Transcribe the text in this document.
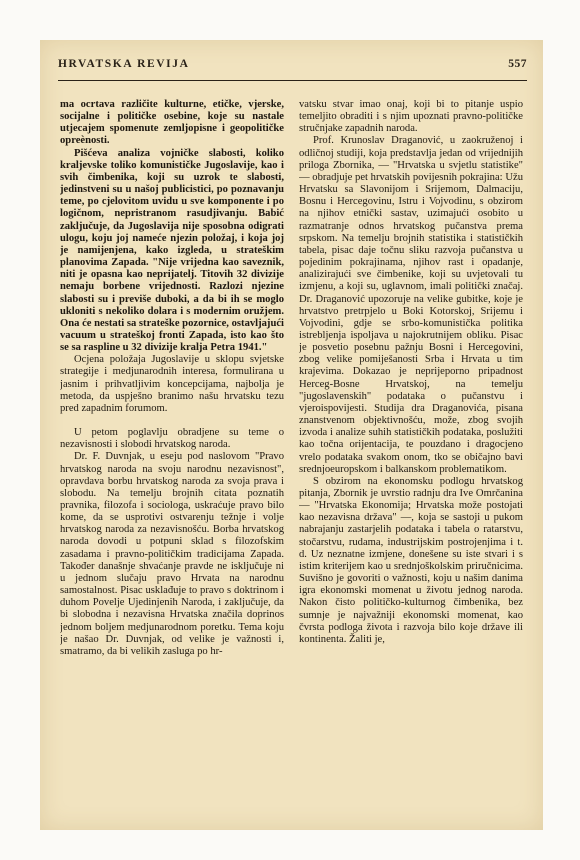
HRVATSKA REVIJA	557

ma ocrtava različite kulturne, etičke, vjerske, socijalne i političke osebine, koje su nastale utjecajem spomenute zemljopisne i geopolitičke opreènosti.

Pišćeva analiza vojničke slabosti, koliko kraljevske toliko komunističke Jugoslavije, kao i svih čimbenika, koji su uzrok te slabosti, jedinstveni su u našoj publicistici, po poznavanju teme, po cjelovitom uvidu u sve komponente i po logičnom, nepristranom rasudjivanju. Babić zaključuje, da Jugoslavija nije sposobna odigrati ulogu, koju joj nameće njezin položaj, i koja joj je namijenjena, kako izgleda, u strateškim planovima Zapada. "Nije vrijedna kao saveznik, niti je opasna kao neprijatelj. Titovih 32 divizije nemaju borbene vrijednosti. Razlozi njezine slabosti su i previše duboki, a da bi ih se moglo ukloniti s nekoliko dolara i s modernim oružjem. Ona će nestati sa strateške pozornice, ostavljajući vacuum u strateškoj fronti Zapada, isto kao što se sa raspline u 32 divizije kralja Petra 1941."

Ocjena položaja Jugoslavije u sklopu svjetske strategije i medjunarodnih interesa, formulirana u jasnim i prihvatljivim koncepcijama, najbolja je metoda, da uspješno branimo našu hrvatsku tezu pred zapadnim forumom.

U petom poglavlju obradjene su teme o nezavisnosti i slobodi hrvatskog naroda.

Dr. F. Duvnjak, u eseju pod naslovom "Pravo hrvatskog naroda na svoju narodnu nezavisnost", opravdava borbu hrvatskog naroda za svoja prava i slobodu. Na temelju brojnih citata poznatih pravnika, filozofa i sociologa, uskraćuje pravo bilo kome, da se usprotivi ostvarenju težnje i volje hrvatskog naroda za nezavisnošću. Borba hrvatskog naroda dovodi u potpuni sklad s filozofskim zasadama i pravno-političkim tradicijama Zapada. Također današnje shvaćanje pravde ne isključuje ni u jednom slučaju pravo Hrvata na narodnu samostalnost. Pisac usklađuje to pravo s doktrinom i duhom Povelje Ujedinjenih Naroda, i zaključuje, da bi slobodna i nezavisna Hrvatska značila doprinos jednom boljem medjunarodnom poretku. Tema koju je našao Dr. Duvnjak, od velike je važnosti i, smatramo, da bi velikih zasluga po hr-

vatsku stvar imao onaj, koji bi to pitanje uspio temeljito obraditi i s njim upoznati pravno-političke stručnjake zapadnih naroda.

Prof. Krunoslav Draganović, u zaokruženoj i odličnoj studiji, koja predstavlja jedan od vrijednijih priloga Zbornika, — "Hrvatska u svjetlu statistike" — obradjuje pet hrvatskih povijesnih pokrajina: Užu Hrvatsku sa Slavonijom i Srijemom, Dalmaciju, Bosnu i Hercegovinu, Istru i Vojvodinu, s obzirom na njihov etnički sastav, uzimajući osobito u razmatranje odnos hrvatskog pučanstva prema srpskom. Na temelju brojnih statistika i statističkih tabela, pisac daje točnu sliku razvoja pučanstva u pojedinim pokrajinama, njihov rast i opadanje, analizirajući sve čimbenike, koji su uvjetovali tu izmjenu, a koji su, uglavnom, imali politički značaj. Dr. Draganović upozoruje na velike gubitke, koje je hrvatstvo pretrpjelo u Boki Kotorskoj, Srijemu i Vojvodini, gdje se srbo-komunistička politika istrebljenja ispoljava u najokrutnijem obliku. Pisac je posvetio posebnu pažnju Bosni i Hercegovini, zbog velike pomiješanosti Srba i Hrvata u tim krajevima. Dokazao je neprijeporno pripadnost Herceg-Bosne Hrvatskoj, na temelju "jugoslavenskih" podataka o pučanstvu i vjeroispovijesti. Studija dra Draganovića, pisana znanstvenom objektivnošću, može, zbog svojih izvoda i analize suhih statističkih podataka, poslužiti kao točna orijentacija, te pouzdano i dragocjeno vrelo podataka svakom onom, tko se običajno bavi srednjoeuropskom i balkanskom problematikom.

S obzirom na ekonomsku podlogu hrvatskog pitanja, Zbornik je uvrstio radnju dra Ive Omrčanina — "Hrvatska Ekonomija; Hrvatska može postojati kao nezavisna država" —, koja se sastoji u pukom nabrajanju zastarjelih podataka i tabela o ratarstvu, stočarstvu, rudama, industrijskim postrojenjima i t. d. Uz neznatne izmjene, donešene su iste stvari i s istim kriterijem kao u srednjoškolskim priručnicima. Suvišno je govoriti o važnosti, koju u našim danima igra ekonomski momenat u životu jednog naroda. Nakon čisto političko-kulturnog čimbenika, bez sumnje je najvažniji ekonomski momenat, kao čvrsta podloga života i razvoja bilo koje države ili kontinenta. Žaliti je,
